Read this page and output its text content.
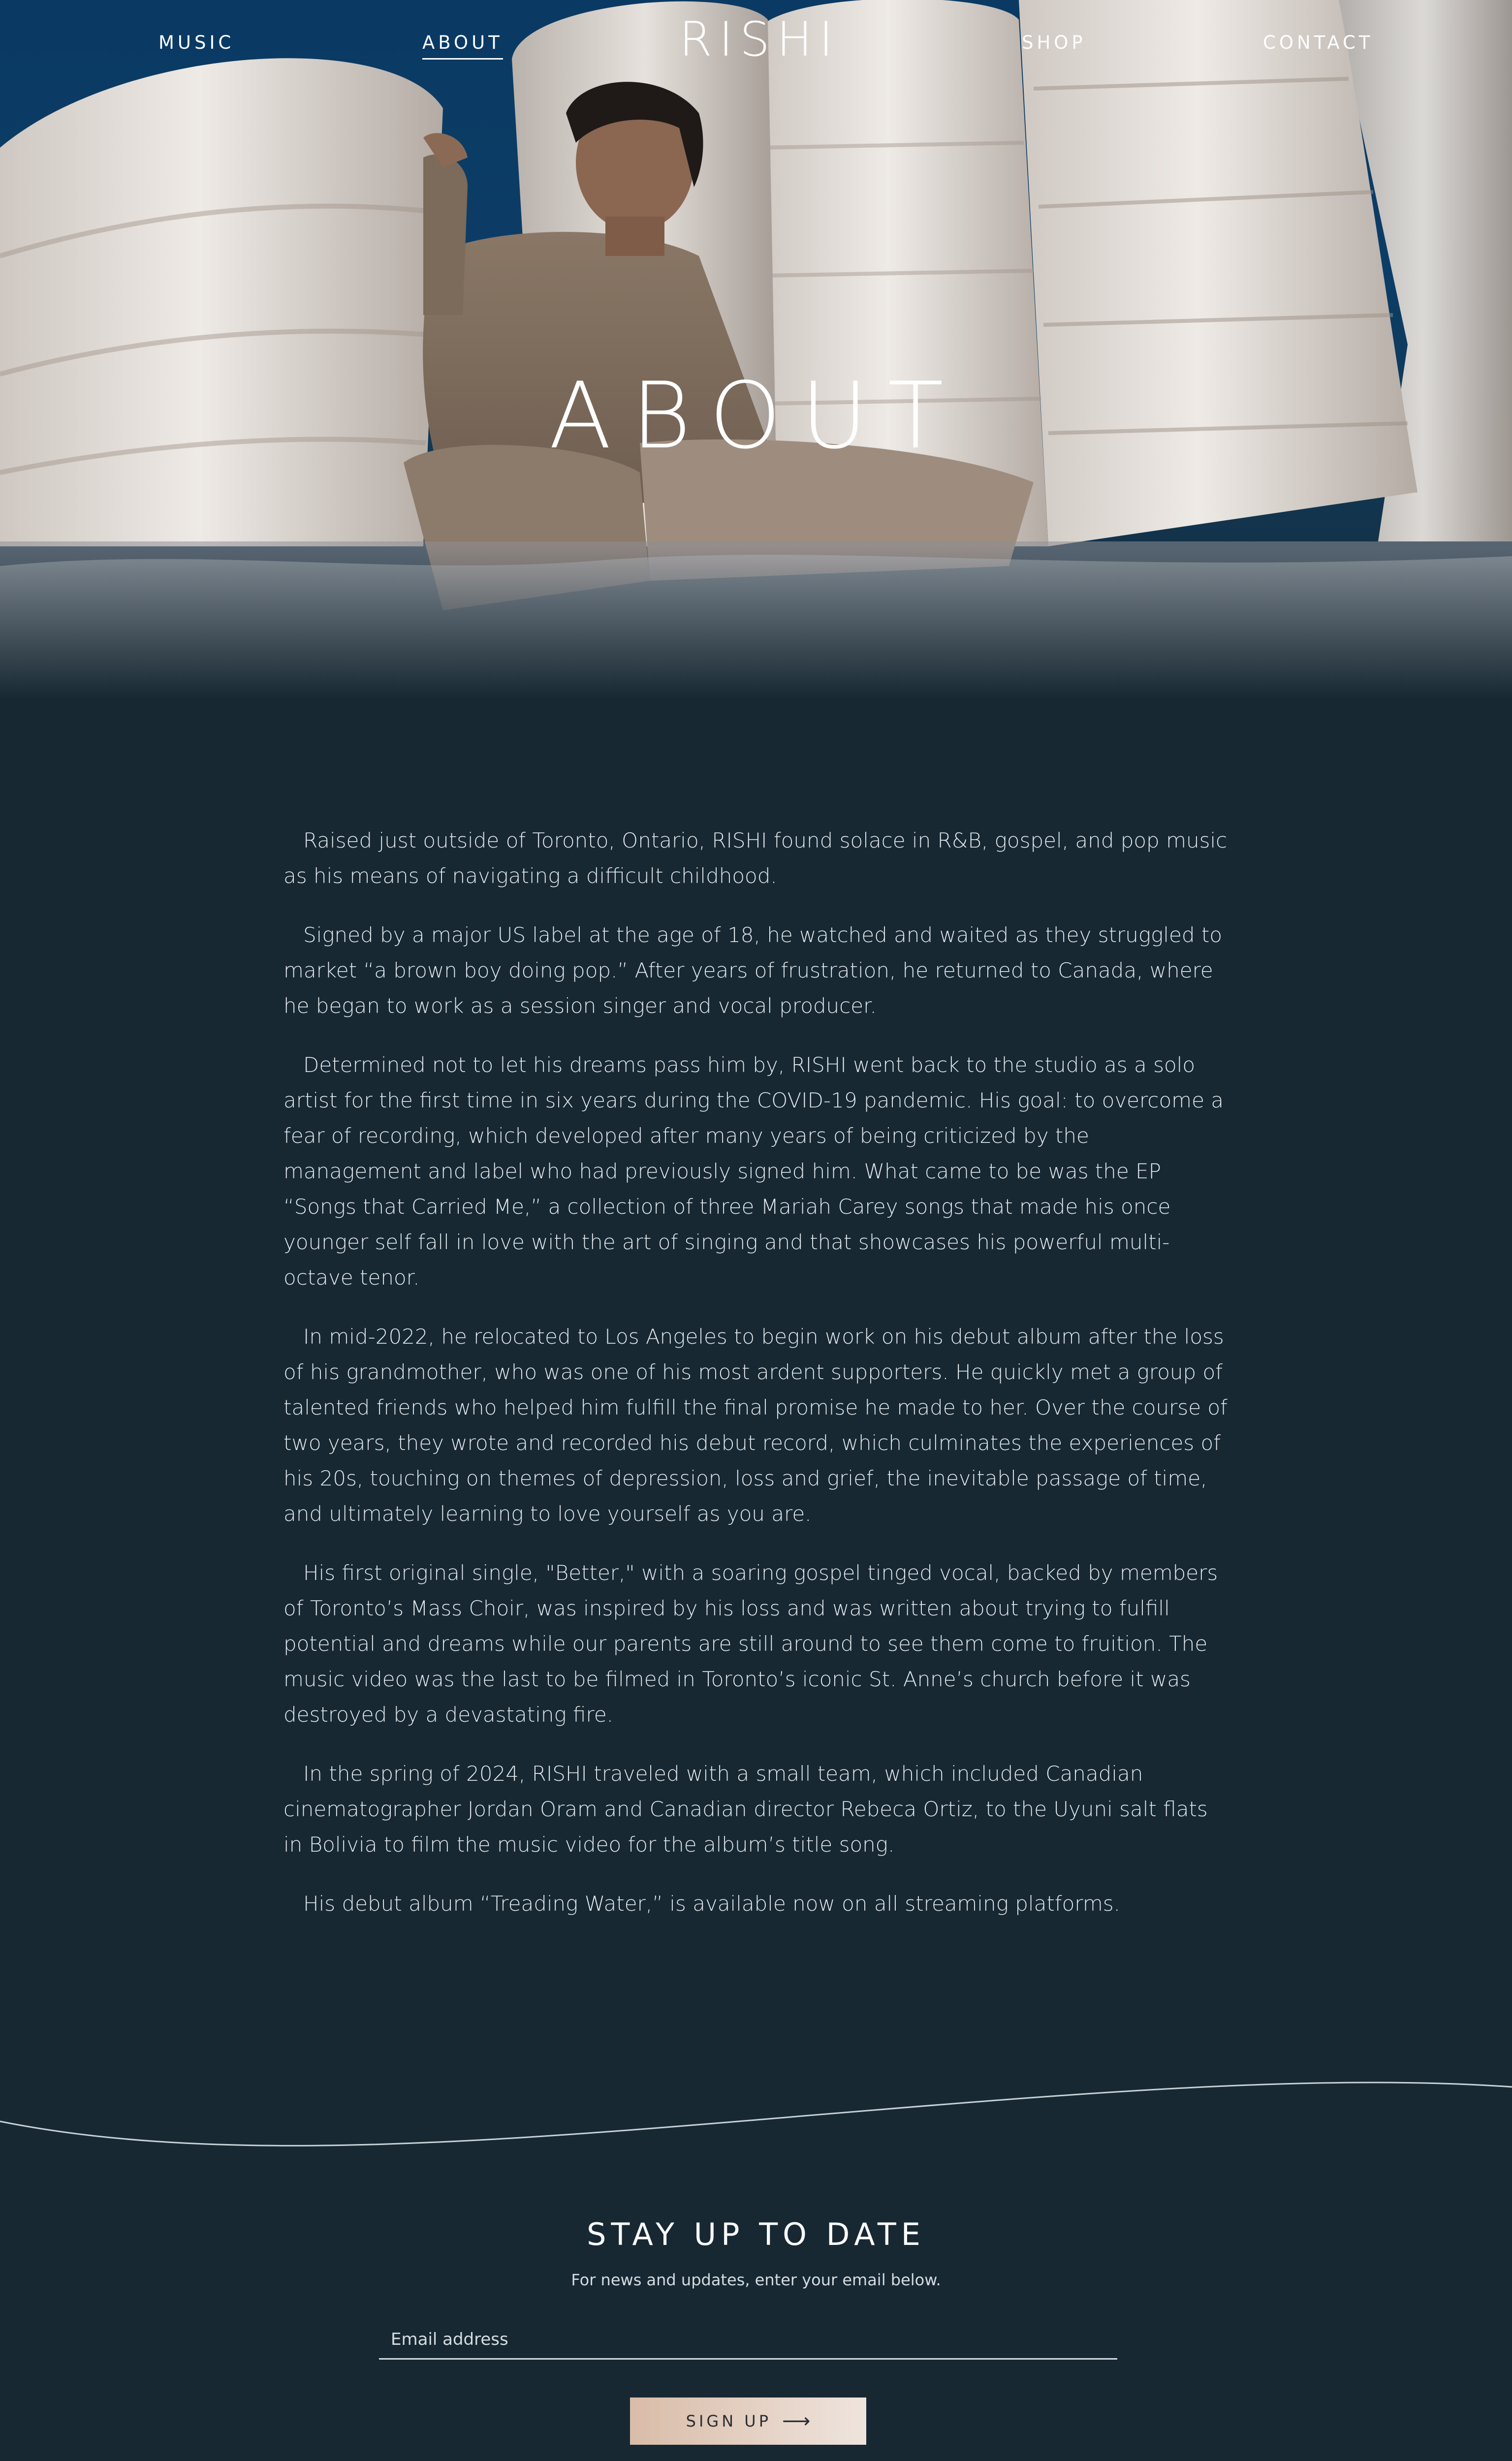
MUSIC	ABOUT	RISHI	SHOP	CONTACT
ABOUT

Raised just outside of Toronto, Ontario, RISHI found solace in R&B, gospel, and pop music as his means of navigating a difficult childhood.

Signed by a major US label at the age of 18, he watched and waited as they struggled to market “a brown boy doing pop.” After years of frustration, he returned to Canada, where he began to work as a session singer and vocal producer.

Determined not to let his dreams pass him by, RISHI went back to the studio as a solo artist for the first time in six years during the COVID-19 pandemic. His goal: to overcome a fear of recording, which developed after many years of being criticized by the management and label who had previously signed him. What came to be was the EP “Songs that Carried Me,” a collection of three Mariah Carey songs that made his once younger self fall in love with the art of singing and that showcases his powerful multi-octave tenor.

In mid-2022, he relocated to Los Angeles to begin work on his debut album after the loss of his grandmother, who was one of his most ardent supporters. He quickly met a group of talented friends who helped him fulfill the final promise he made to her. Over the course of two years, they wrote and recorded his debut record, which culminates the experiences of his 20s, touching on themes of depression, loss and grief, the inevitable passage of time, and ultimately learning to love yourself as you are.

His first original single, "Better," with a soaring gospel tinged vocal, backed by members of Toronto’s Mass Choir, was inspired by his loss and was written about trying to fulfill potential and dreams while our parents are still around to see them come to fruition. The music video was the last to be filmed in Toronto’s iconic St. Anne’s church before it was destroyed by a devastating fire.

In the spring of 2024, RISHI traveled with a small team, which included Canadian cinematographer Jordan Oram and Canadian director Rebeca Ortiz, to the Uyuni salt flats in Bolivia to film the music video for the album’s title song.

His debut album “Treading Water,” is available now on all streaming platforms.

STAY UP TO DATE
For news and updates, enter your email below.
Email address
SIGN UP ⟶
